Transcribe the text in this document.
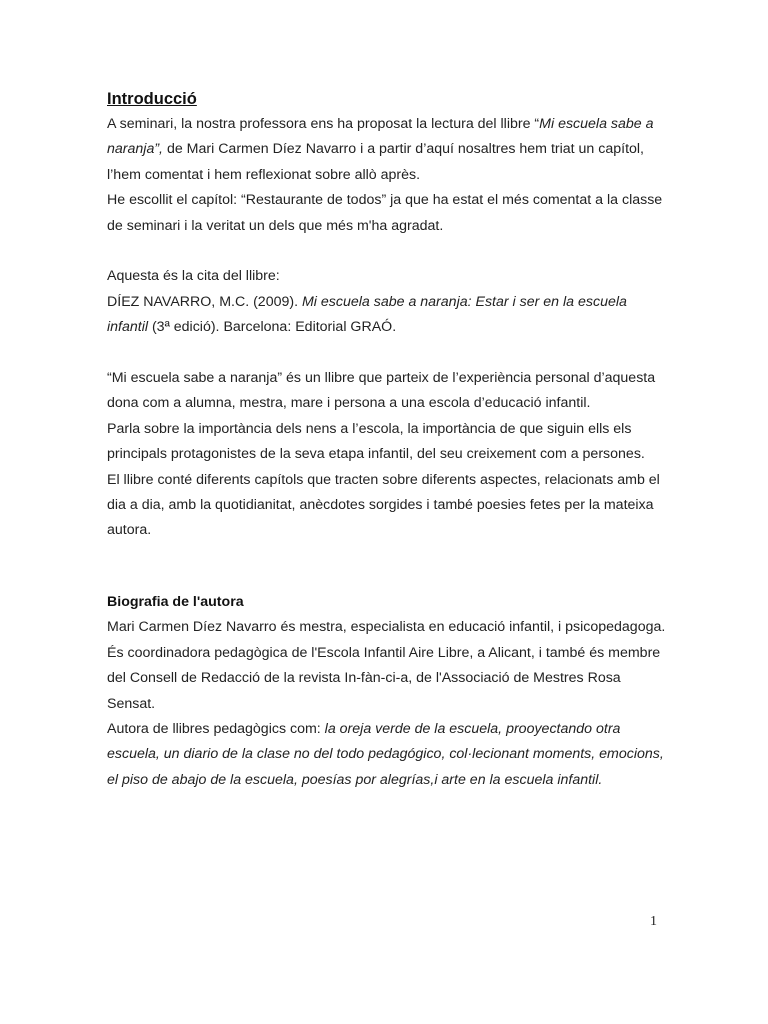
Introducció

A seminari, la nostra professora ens ha proposat la lectura del llibre “Mi escuela sabe a naranja”, de Mari Carmen Díez Navarro i a partir d’aquí nosaltres hem triat un capítol, l’hem comentat i hem reflexionat sobre allò après.

He escollit el capítol: “Restaurante de todos” ja que ha estat el més comentat a la classe de seminari i la veritat un dels que més m'ha agradat.

Aquesta és la cita del llibre:

DÍEZ NAVARRO, M.C. (2009). Mi escuela sabe a naranja: Estar i ser en la escuela infantil (3ª edició). Barcelona: Editorial GRAÓ.

“Mi escuela sabe a naranja” és un llibre que parteix de l’experiència personal d’aquesta dona com a alumna, mestra, mare i persona a una escola d’educació infantil.

Parla sobre la importància dels nens a l’escola, la importància de que siguin ells els principals protagonistes de la seva etapa infantil, del seu creixement com a persones.

El llibre conté diferents capítols que tracten sobre diferents aspectes, relacionats amb el dia a dia, amb la quotidianitat, anècdotes sorgides i també poesies fetes per la mateixa autora.

Biografia de l'autora

Mari Carmen Díez Navarro és mestra, especialista en educació infantil, i psicopedagoga.

És coordinadora pedagògica de l'Escola Infantil Aire Libre, a Alicant, i també és membre del Consell de Redacció de la revista In-fàn-ci-a, de l'Associació de Mestres Rosa Sensat.

Autora de llibres pedagògics com: la oreja verde de la escuela, prooyectando otra escuela, un diario de la clase no del todo pedagógico, col·lecionant moments, emocions, el piso de abajo de la escuela, poesías por alegrías,i arte en la escuela infantil.

1
